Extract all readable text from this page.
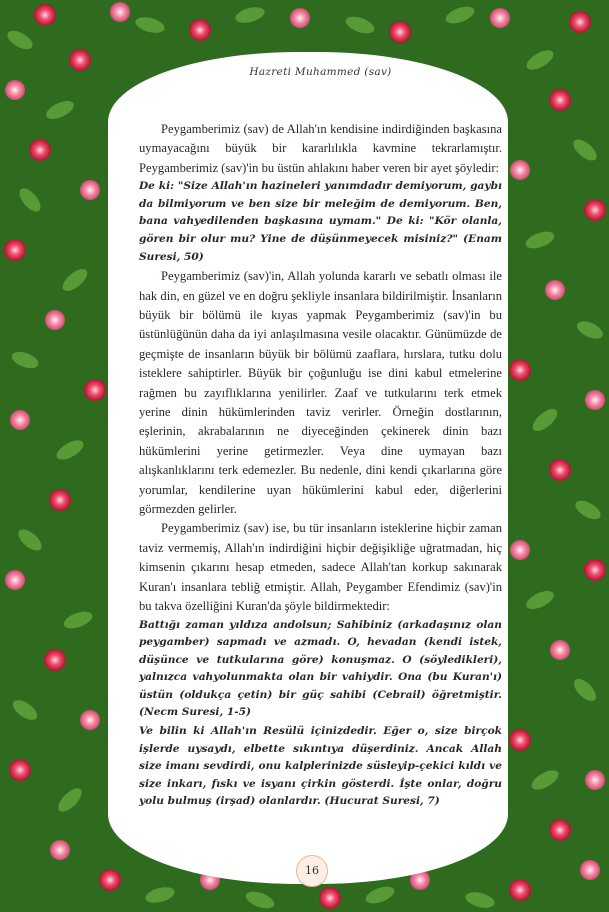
Hazreti Muhammed (sav)

Peygamberimiz (sav) de Allah'ın kendisine indirdiğinden başkasına uymayacağını büyük bir kararlılıkla kavmine tekrarlamıştır. Peygamberimiz (sav)'in bu üstün ahlakını haber veren bir ayet şöyledir:

De ki: "Size Allah'ın hazineleri yanımdadır demiyorum, gaybı da bilmiyorum ve ben size bir meleğim de demiyorum. Ben, bana vahyedilenden başkasına uymam." De ki: "Kör olanla, gören bir olur mu? Yine de düşünmeyecek misiniz?" (Enam Suresi, 50)

Peygamberimiz (sav)'in, Allah yolunda kararlı ve sebatlı olması ile hak din, en güzel ve en doğru şekliyle insanlara bildirilmiştir. İnsanların büyük bir bölümü ile kıyas yapmak Peygamberimiz (sav)'in bu üstünlüğünün daha da iyi anlaşılmasına vesile olacaktır. Günümüzde de geçmişte de insanların büyük bir bölümü zaaflara, hırslara, tutku dolu isteklere sahiptirler. Büyük bir çoğunluğu ise dini kabul etmelerine rağmen bu zayıflıklarına yenilirler. Zaaf ve tutkularını terk etmek yerine dinin hükümlerinden taviz verirler. Örneğin dostlarının, eşlerinin, akrabalarının ne diyeceğinden çekinerek dinin bazı hükümlerini yerine getirmezler. Veya dine uymayan bazı alışkanlıklarını terk edemezler. Bu nedenle, dini kendi çıkarlarına göre yorumlar, kendilerine uyan hükümlerini kabul eder, diğerlerini görmezden gelirler.

Peygamberimiz (sav) ise, bu tür insanların isteklerine hiçbir zaman taviz vermemiş, Allah'ın indirdiğini hiçbir değişikliğe uğratmadan, hiç kimsenin çıkarını hesap etmeden, sadece Allah'tan korkup sakınarak Kuran'ı insanlara tebliğ etmiştir. Allah, Peygamber Efendimiz (sav)'in bu takva özelliğini Kuran'da şöyle bildirmektedir:

Battığı zaman yıldıza andolsun; Sahibiniz (arkadaşınız olan peygamber) sapmadı ve azmadı. O, hevadan (kendi istek, düşünce ve tutkularına göre) konuşmaz. O (söyledikleri), yalnızca vahyolunmakta olan bir vahiydir. Ona (bu Kuran'ı) üstün (oldukça çetin) bir güç sahibi (Cebrail) öğretmiştir. (Necm Suresi, 1-5)

Ve bilin ki Allah'ın Resülü içinizdedir. Eğer o, size birçok işlerde uysaydı, elbette sıkıntıya düşerdiniz. Ancak Allah size imanı sevdirdi, onu kalplerinizde süsleyip-çekici kıldı ve size inkarı, fıskı ve isyanı çirkin gösterdi. İşte onlar, doğru yolu bulmuş (irşad) olanlardır. (Hucurat Suresi, 7)

16
